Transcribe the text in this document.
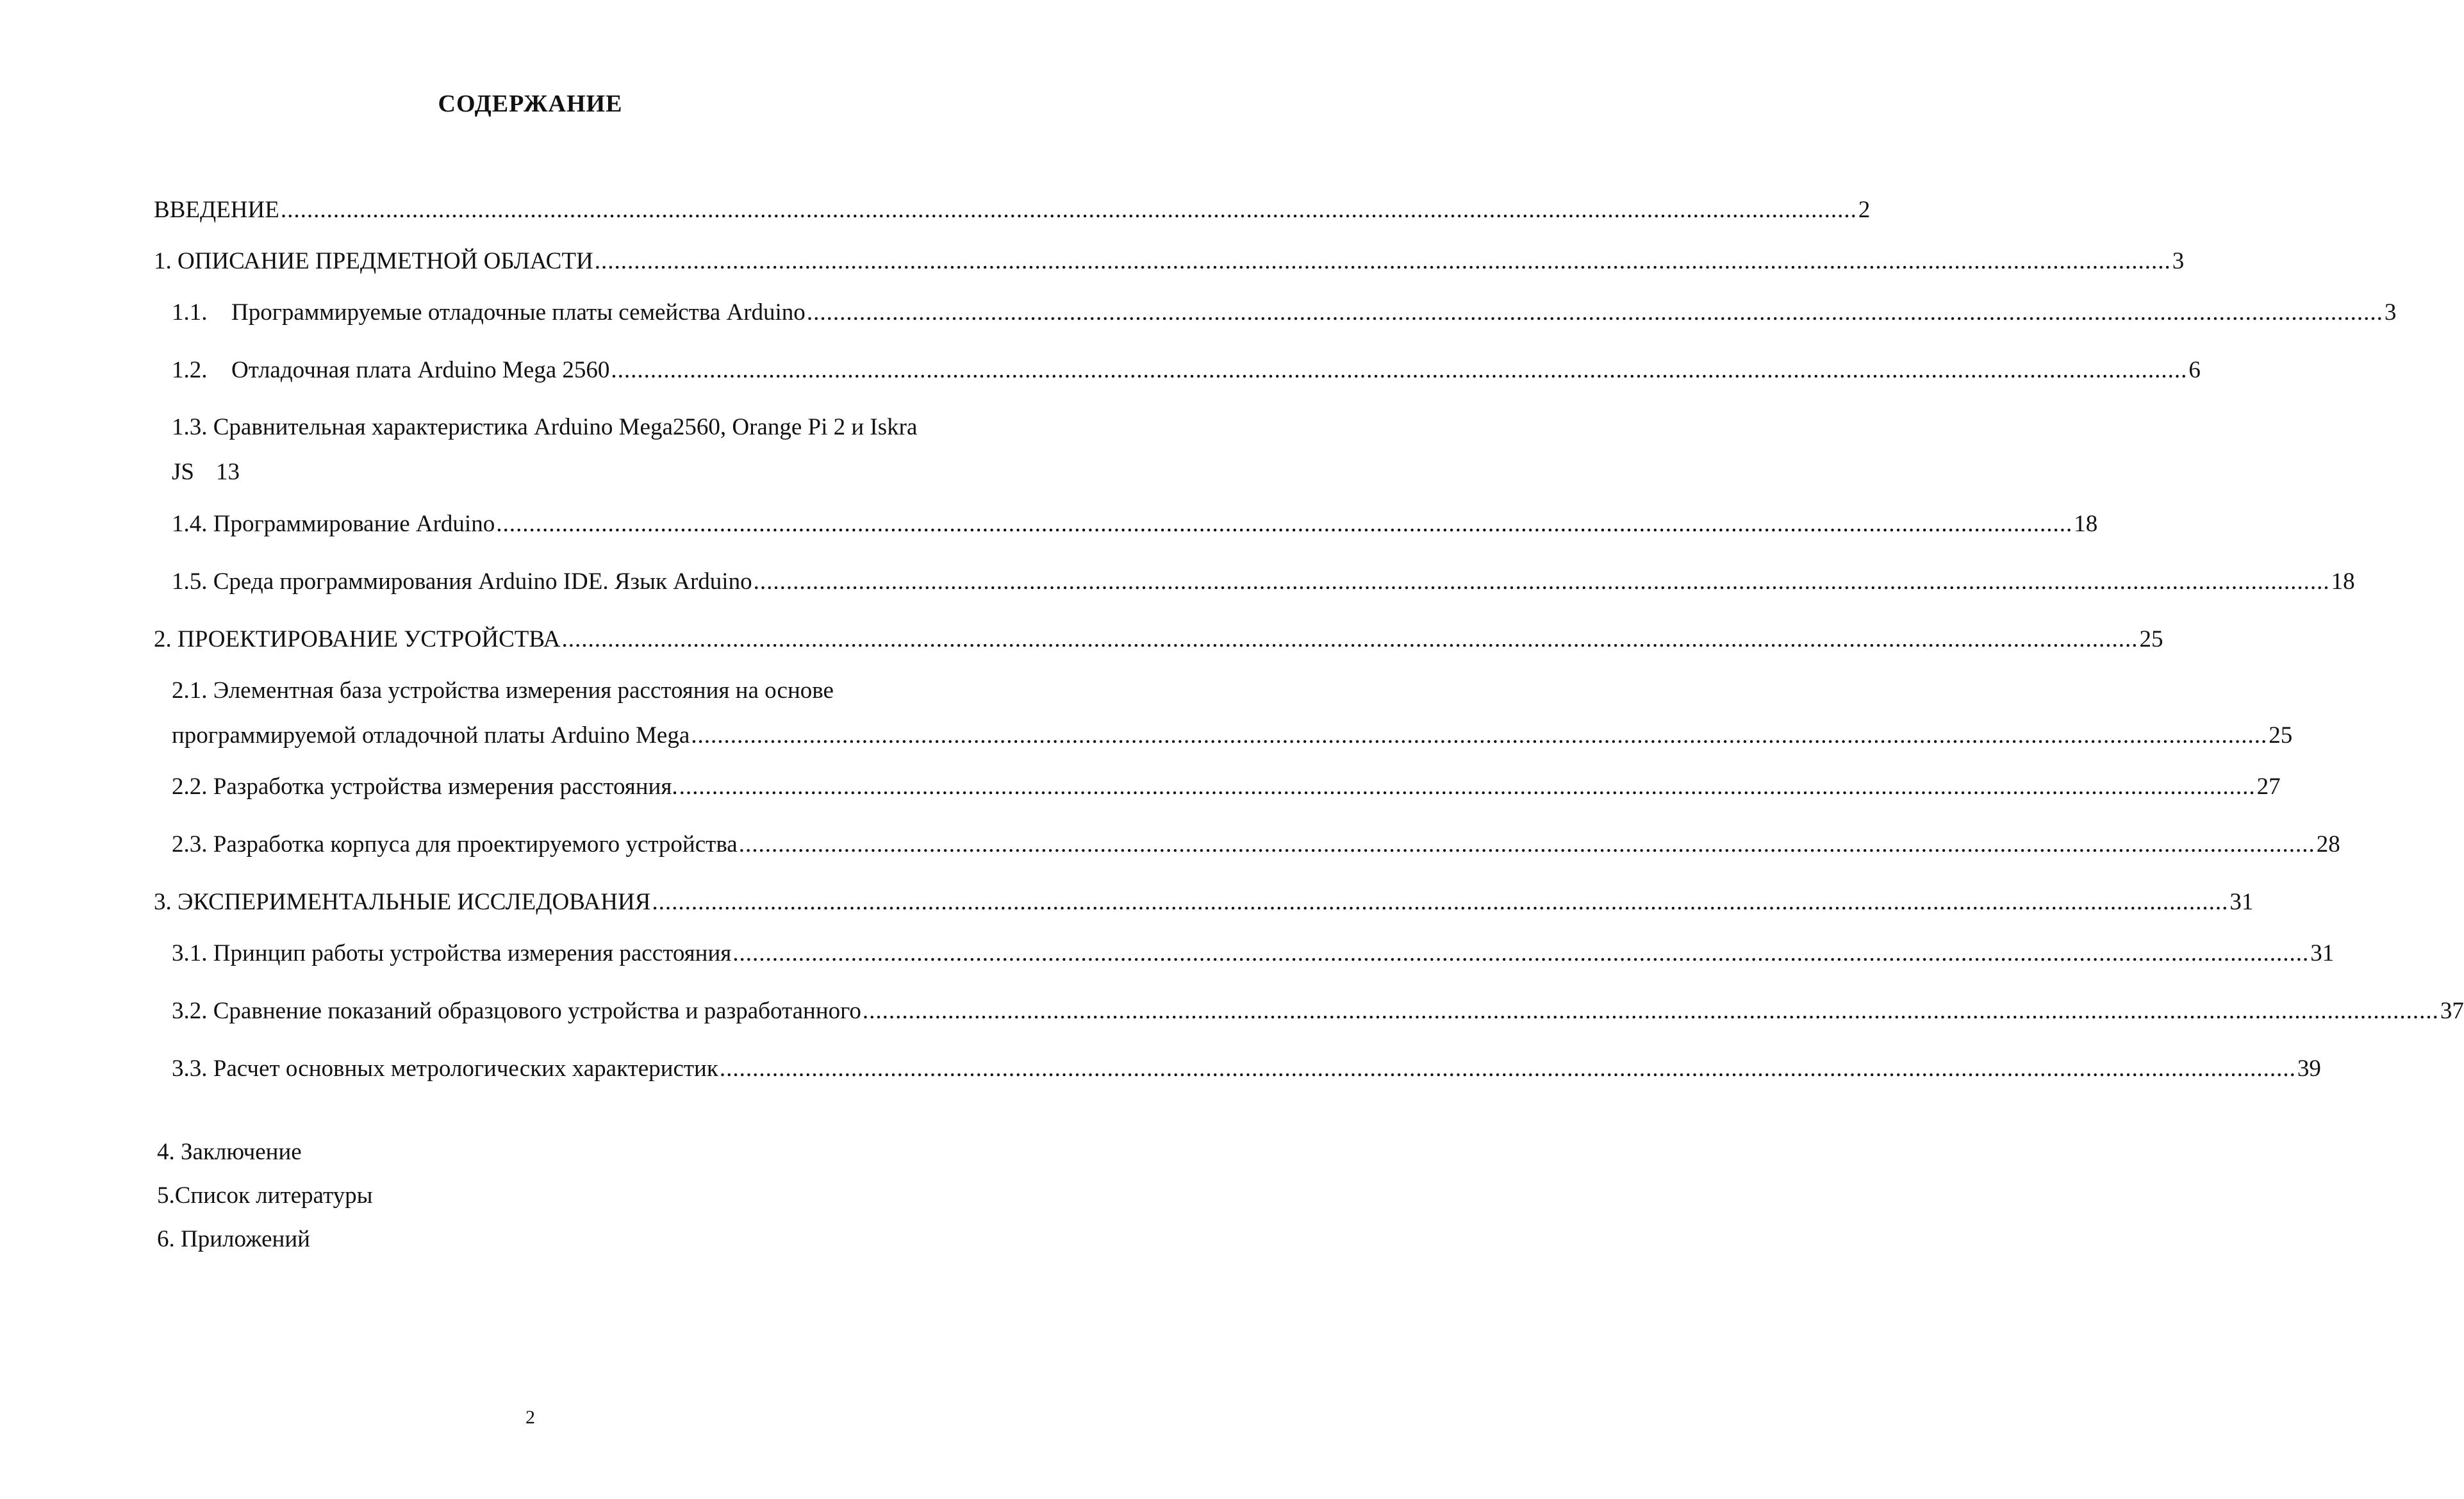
СОДЕРЖАНИЕ
ВВЕДЕНИЕ .....	2
1. ОПИСАНИЕ ПРЕДМЕТНОЙ ОБЛАСТИ .....	3
1.1.	Программируемые отладочные платы семейства Arduino .....	3
1.2.	Отладочная плата Arduino Mega 2560 .....	6
1.3. Сравнительная характеристика Arduino Mega2560, Orange Pi 2 и Iskra
JS 13
1.4. Программирование Arduino .....	18
1.5. Среда программирования Arduino IDE. Язык Arduino .....	18
2. ПРОЕКТИРОВАНИЕ УСТРОЙСТВА .....	25
2.1. Элементная база устройства измерения расстояния на основе
программируемой отладочной платы Arduino Mega .....	25
2.2. Разработка устройства измерения расстояния. .....	27
2.3. Разработка корпуса для проектируемого устройства .....	28
3. ЭКСПЕРИМЕНТАЛЬНЫЕ ИССЛЕДОВАНИЯ .....	31
3.1. Принцип работы устройства измерения расстояния .....	31
3.2. Сравнение показаний образцового устройства и разработанного .....	37
3.3. Расчет основных метрологических характеристик .....	39
4. Заключение
5.Список литературы
6. Приложений
2
